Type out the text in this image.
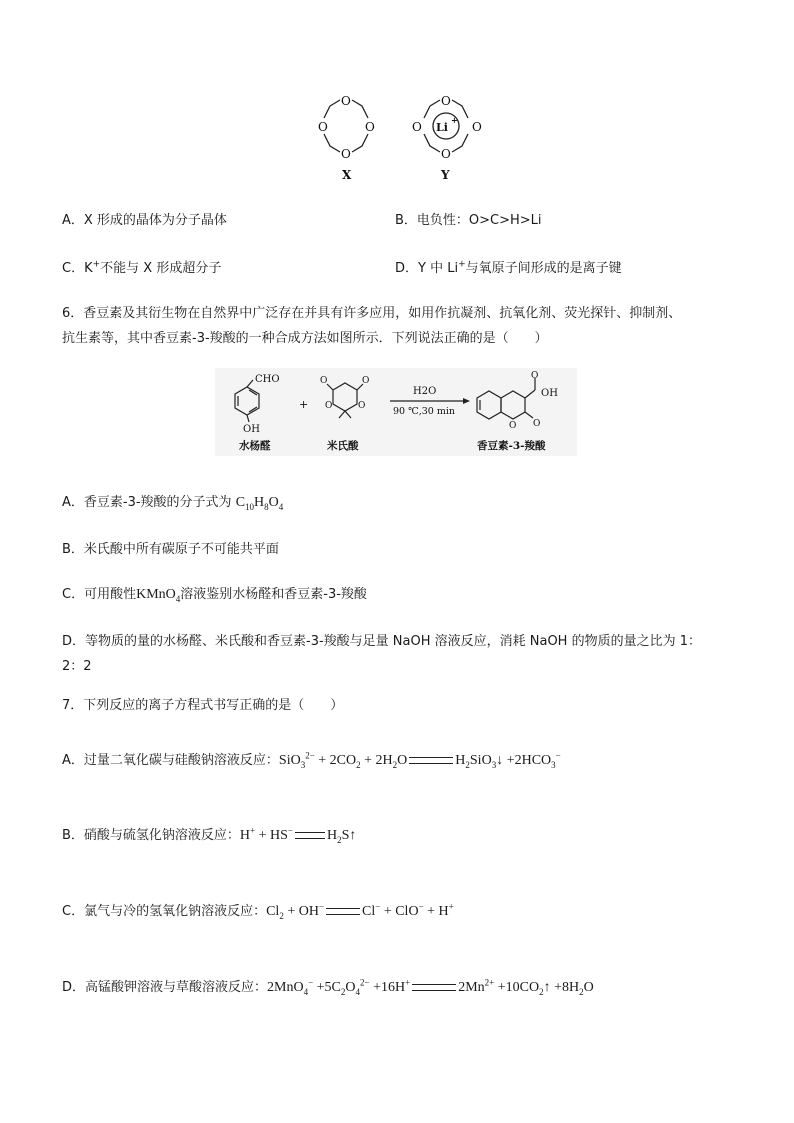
O
O	O
O
X
O
O	O
O
Li
+
Y
A．X 形成的晶体为分子晶体	B．电负性：O>C>H>Li
C．K+不能与 X 形成超分子	D．Y 中 Li+与氧原子间形成的是离子键
6．香豆素及其衍生物在自然界中广泛存在并具有许多应用，如用作抗凝剂、抗氧化剂、荧光探针、抑制剂、
抗生素等，其中香豆素-3-羧酸的一种合成方法如图所示．下列说法正确的是（　　）
CHO
OH
水杨醛
+
O	O
O	O
米氏酸
H2O
90 ℃,30 min
O
OH
O O
香豆素-3-羧酸
A．香豆素-3-羧酸的分子式为 $C_{10}H_8O_4$
B．米氏酸中所有碳原子不可能共平面
C．可用酸性KMnO$_4$溶液鉴别水杨醛和香豆素-3-羧酸
D．等物质的量的水杨醛、米氏酸和香豆素-3-羧酸与足量 NaOH 溶液反应，消耗 NaOH 的物质的量之比为 1：
2：2
7．下列反应的离子方程式书写正确的是（　　）
A．过量二氧化碳与硅酸钠溶液反应：$SiO_3^{2-} + 2CO_2 + 2H_2O$	$H_2SiO_3↓ +2HCO_3^-$
B．硝酸与硫氢化钠溶液反应：H+ + HS− $H_2S↑$
C．氯气与冷的氢氧化钠溶液反应：$Cl_2 + OH^-$	Cl− + ClO− + H+
D．高锰酸钾溶液与草酸溶液反应：$2MnO_4^- +5C_2O_4^{2-} +16H^+$	$2Mn^{2+}$ $+10CO_2↑ +8H_2O$
